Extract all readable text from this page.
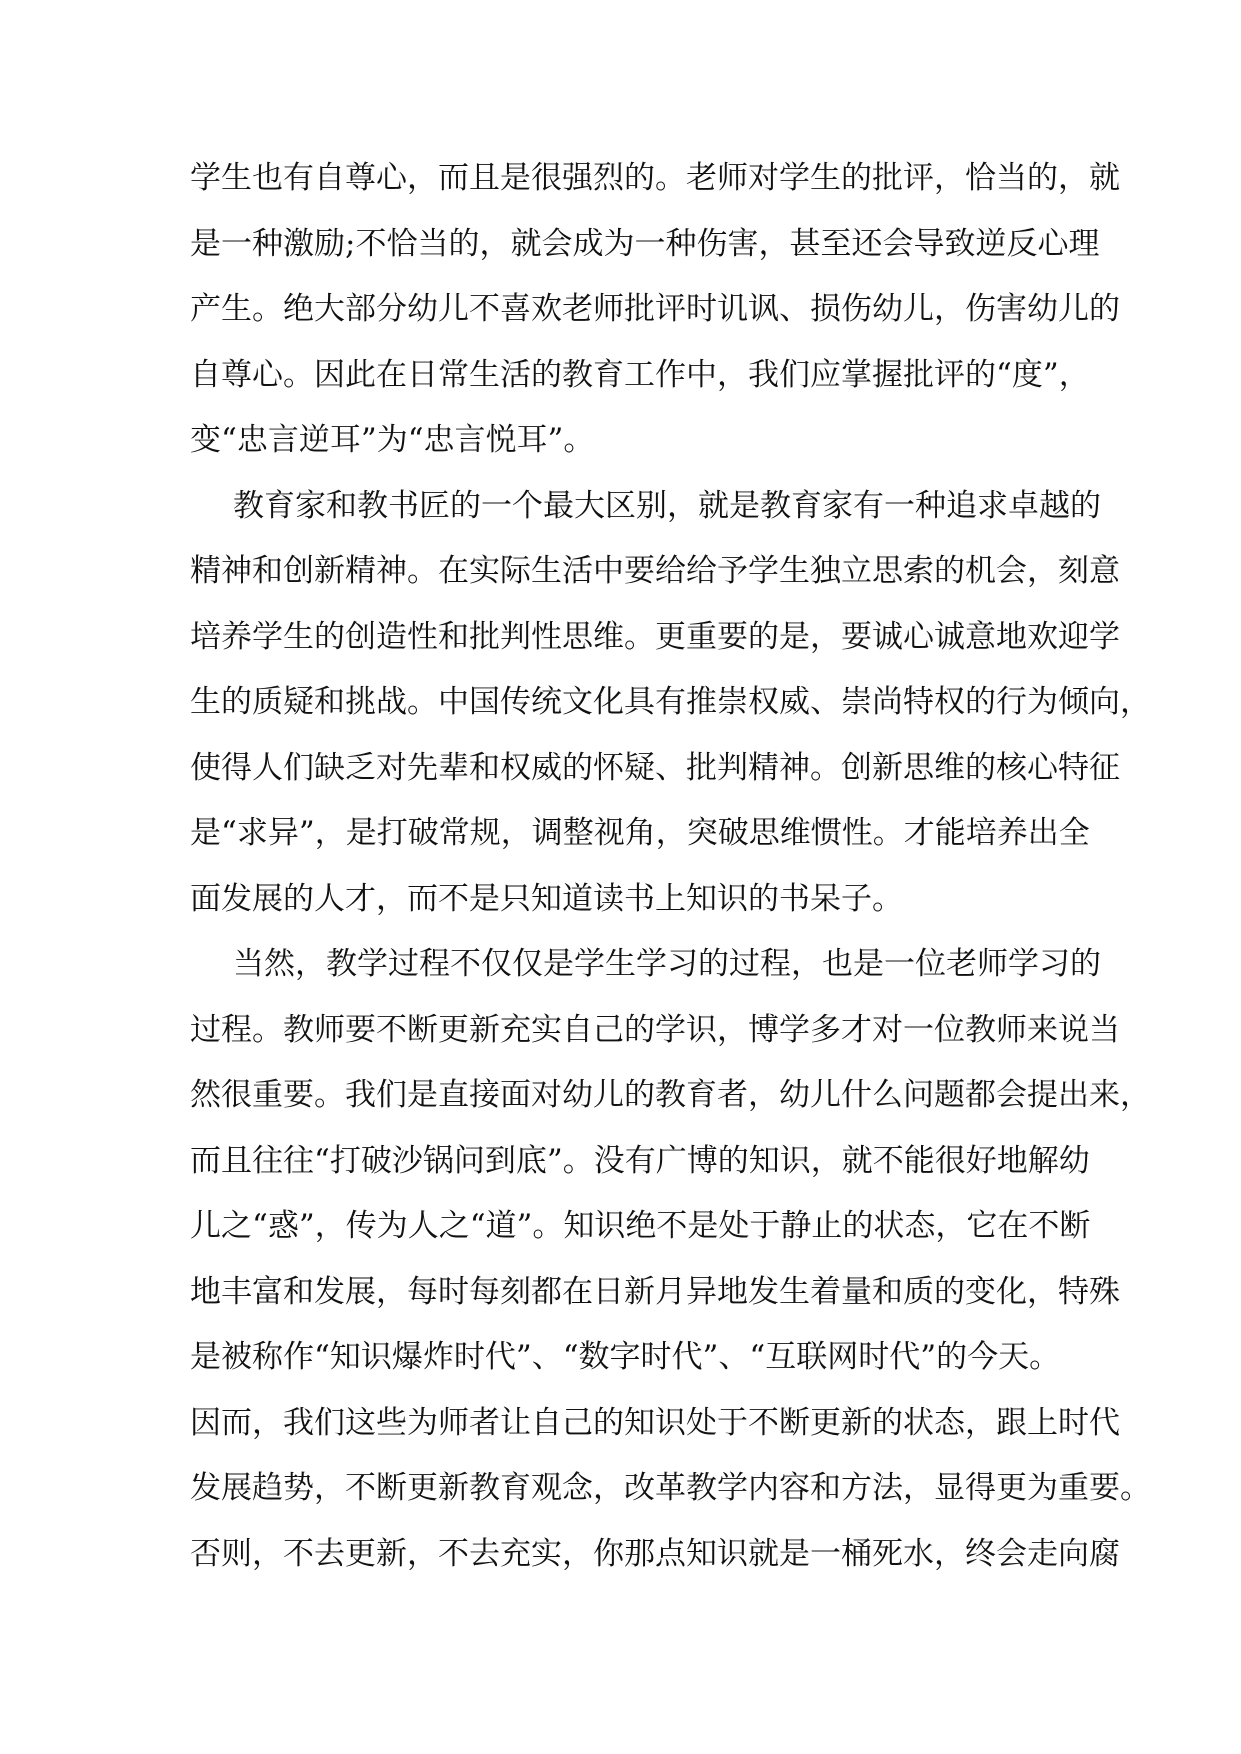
学生也有自尊心，而且是很强烈的。老师对学生的批评，恰当的，就
是一种激励;不恰当的，就会成为一种伤害，甚至还会导致逆反心理
产生。绝大部分幼儿不喜欢老师批评时讥讽、损伤幼儿，伤害幼儿的
自尊心。因此在日常生活的教育工作中，我们应掌握批评的“度”，
变“忠言逆耳”为“忠言悦耳”。
教育家和教书匠的一个最大区别，就是教育家有一种追求卓越的
精神和创新精神。在实际生活中要给给予学生独立思索的机会，刻意
培养学生的创造性和批判性思维。更重要的是，要诚心诚意地欢迎学
生的质疑和挑战。中国传统文化具有推崇权威、崇尚特权的行为倾向，
使得人们缺乏对先辈和权威的怀疑、批判精神。创新思维的核心特征
是“求异”，是打破常规，调整视角，突破思维惯性。才能培养出全
面发展的人才，而不是只知道读书上知识的书呆子。
当然，教学过程不仅仅是学生学习的过程，也是一位老师学习的
过程。教师要不断更新充实自己的学识，博学多才对一位教师来说当
然很重要。我们是直接面对幼儿的教育者，幼儿什么问题都会提出来，
而且往往“打破沙锅问到底”。没有广博的知识，就不能很好地解幼
儿之“惑”，传为人之“道”。知识绝不是处于静止的状态，它在不断
地丰富和发展，每时每刻都在日新月异地发生着量和质的变化，特殊
是被称作“知识爆炸时代”、“数字时代”、“互联网时代”的今天。
因而，我们这些为师者让自己的知识处于不断更新的状态，跟上时代
发展趋势，不断更新教育观念，改革教学内容和方法，显得更为重要。
否则，不去更新，不去充实，你那点知识就是一桶死水，终会走向腐
